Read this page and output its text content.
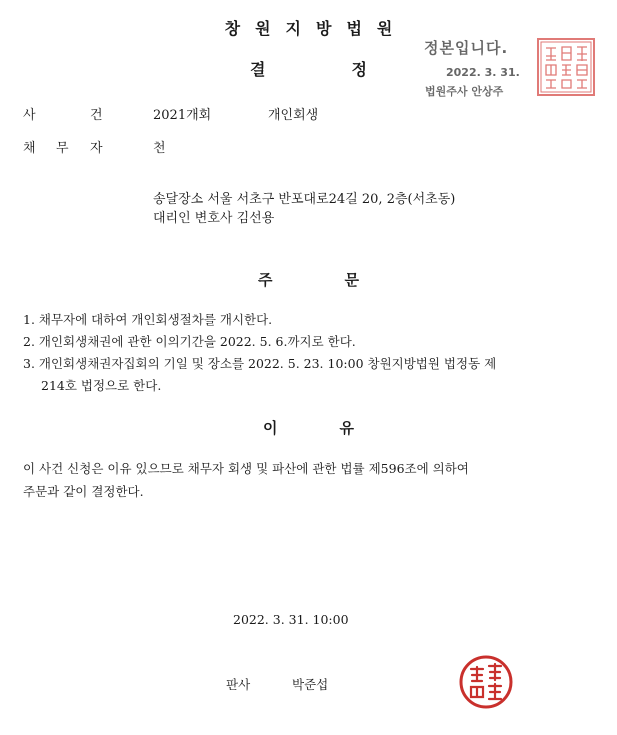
창원지방법원
결	정
정본입니다.
2022. 3. 31.
법원주사 안상주
사	건	2021개회	개인회생
채 무 자	천
송달장소 서울 서초구 반포대로24길 20, 2층(서초동)
대리인 변호사 김선용
주	문
1. 채무자에 대하여 개인회생절차를 개시한다.
2. 개인회생채권에 관한 이의기간을 2022. 5. 6.까지로 한다.
3. 개인회생채권자집회의 기일 및 장소를 2022. 5. 23. 10:00 창원지방법원 법정동 제
214호 법정으로 한다.
이	유
이 사건 신청은 이유 있으므로 채무자 회생 및 파산에 관한 법률 제596조에 의하여
주문과 같이 결정한다.
2022. 3. 31. 10:00
판사	박준섭
